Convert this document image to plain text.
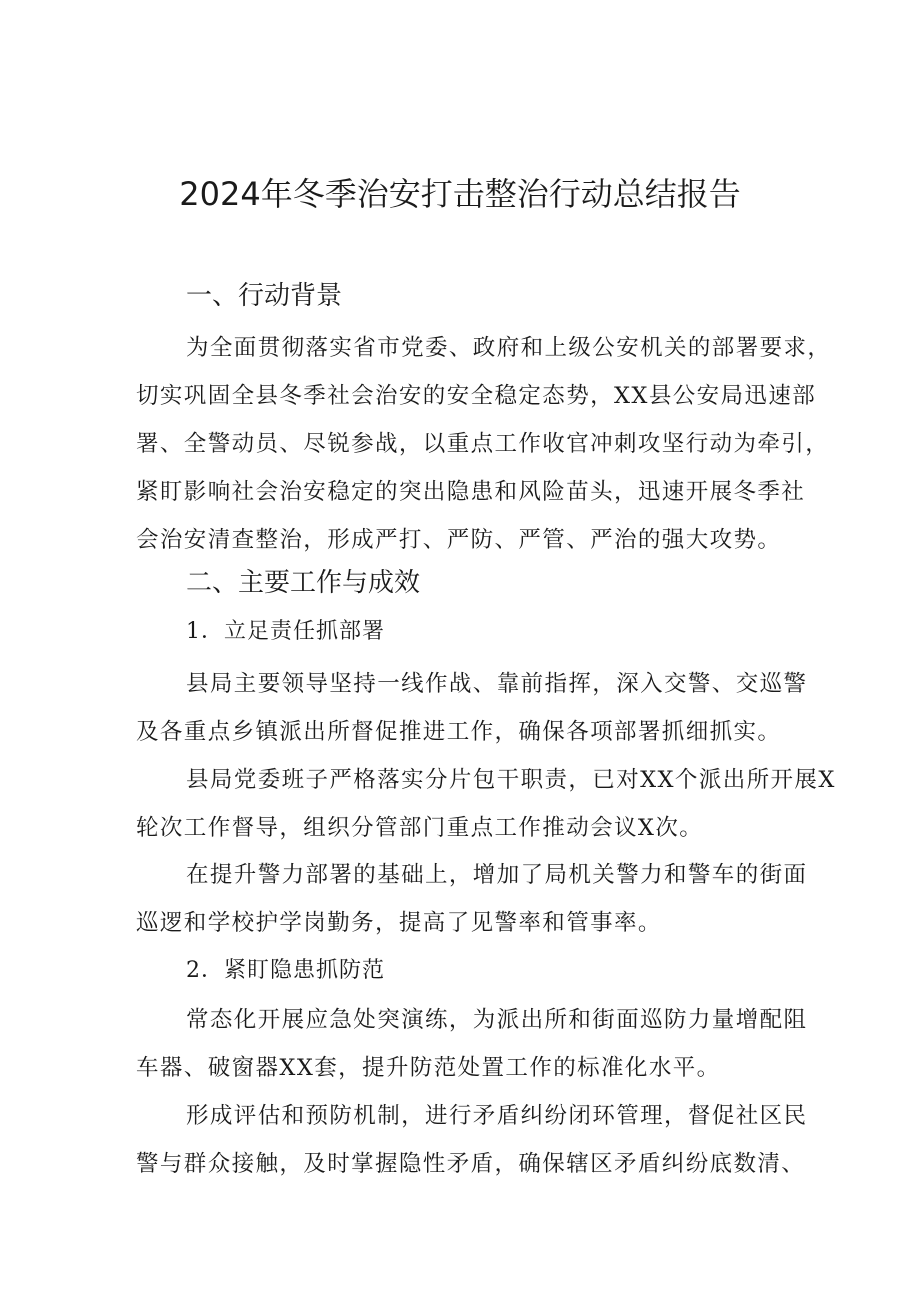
2024年冬季治安打击整治行动总结报告
一、行动背景
为全面贯彻落实省市党委、政府和上级公安机关的部署要求，
切实巩固全县冬季社会治安的安全稳定态势，XX县公安局迅速部
署、全警动员、尽锐参战，以重点工作收官冲刺攻坚行动为牵引，
紧盯影响社会治安稳定的突出隐患和风险苗头，迅速开展冬季社
会治安清查整治，形成严打、严防、严管、严治的强大攻势。
二、主要工作与成效
1．立足责任抓部署
县局主要领导坚持一线作战、靠前指挥，深入交警、交巡警
及各重点乡镇派出所督促推进工作，确保各项部署抓细抓实。
县局党委班子严格落实分片包干职责，已对XX个派出所开展X
轮次工作督导，组织分管部门重点工作推动会议X次。
在提升警力部署的基础上，增加了局机关警力和警车的街面
巡逻和学校护学岗勤务，提高了见警率和管事率。
2．紧盯隐患抓防范
常态化开展应急处突演练，为派出所和街面巡防力量增配阻
车器、破窗器XX套，提升防范处置工作的标准化水平。
形成评估和预防机制，进行矛盾纠纷闭环管理，督促社区民
警与群众接触，及时掌握隐性矛盾，确保辖区矛盾纠纷底数清、
